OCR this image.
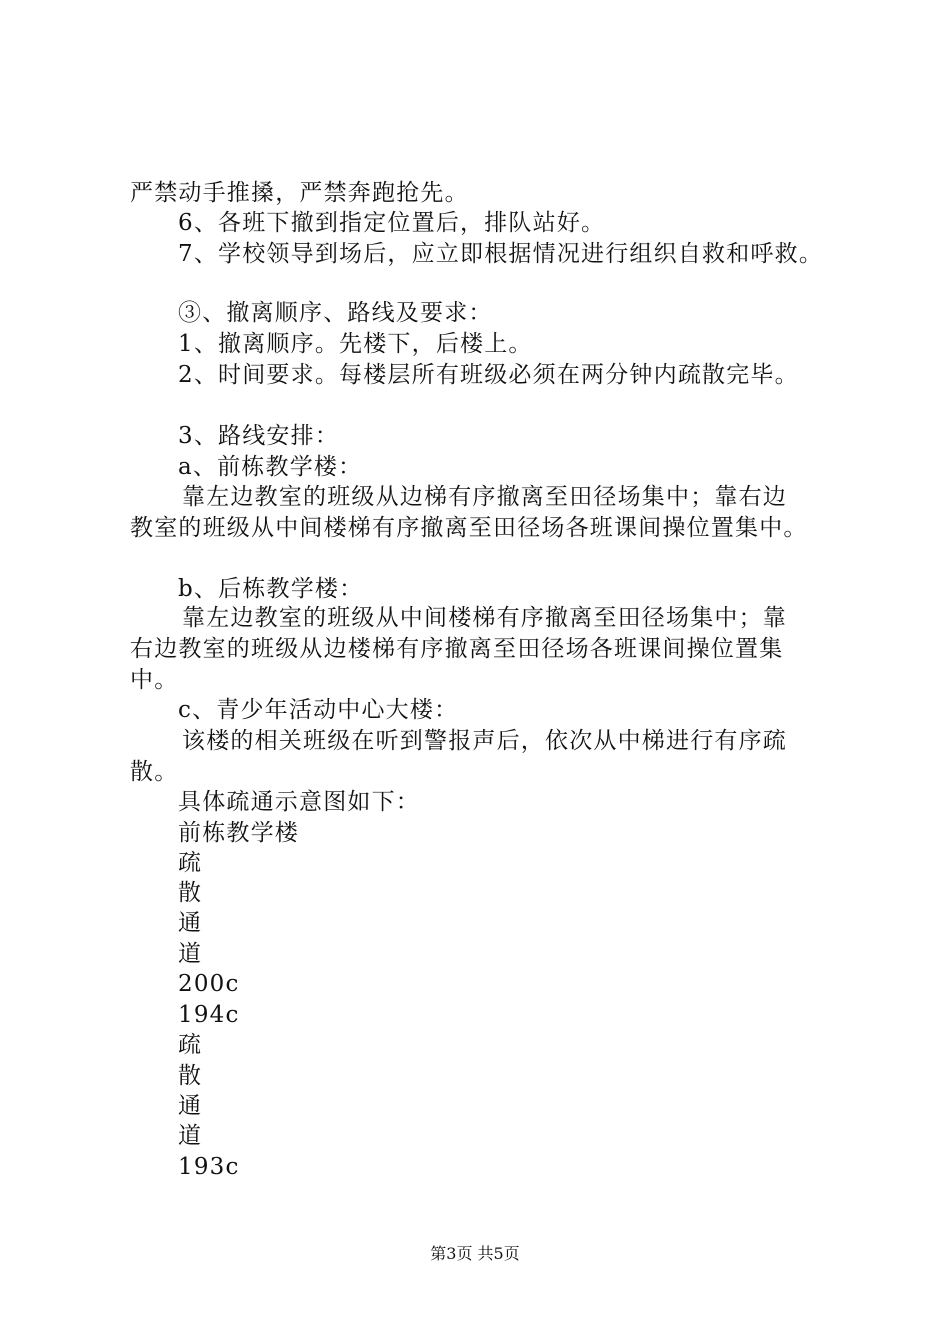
严禁动手推搡，严禁奔跑抢先。
6、各班下撤到指定位置后，排队站好。
7、学校领导到场后，应立即根据情况进行组织自救和呼救。
③、撤离顺序、路线及要求：
1、撤离顺序。先楼下，后楼上。
2、时间要求。每楼层所有班级必须在两分钟内疏散完毕。
3、路线安排：
a、前栋教学楼：
靠左边教室的班级从边梯有序撤离至田径场集中；靠右边
教室的班级从中间楼梯有序撤离至田径场各班课间操位置集中。
b、后栋教学楼：
靠左边教室的班级从中间楼梯有序撤离至田径场集中；靠
右边教室的班级从边楼梯有序撤离至田径场各班课间操位置集
中。
c、青少年活动中心大楼：
该楼的相关班级在听到警报声后，依次从中梯进行有序疏
散。
具体疏通示意图如下：
前栋教学楼
疏
散
通
道
200c
194c
疏
散
通
道
193c
第3页 共5页
